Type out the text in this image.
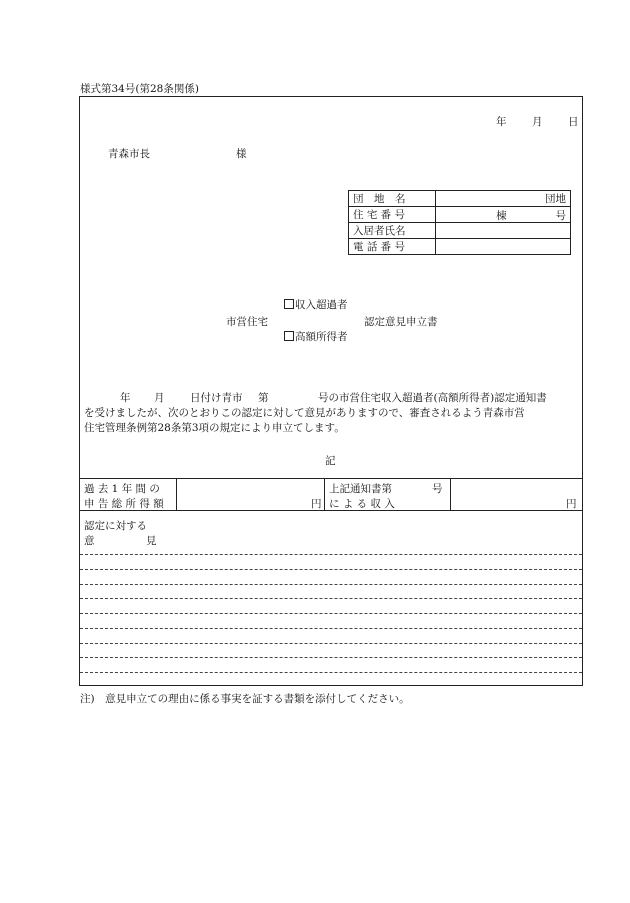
様式第34号(第28条関係)
年 月 日
青森市長	様
団　地　名	団地
住 宅 番 号	棟 号

入居者氏名	
電 話 番 号	
収入超過者
市営住宅	認定意見申立書
高額所得者
年 月 日付け青市 第	号の市営住宅収入超過者(高額所得者)認定通知書
を受けましたが、次のとおりこの認定に対して意見がありますので、審査されるよう青森市営
住宅管理条例第28条第3項の規定により申立てします。
記
過 去 1 年 間 の
申 告 総 所 得 額	円
上記通知書第	号
に よ る 収 入	円
認定に対する
意	見
注)　意見申立ての理由に係る事実を証する書類を添付してください。
